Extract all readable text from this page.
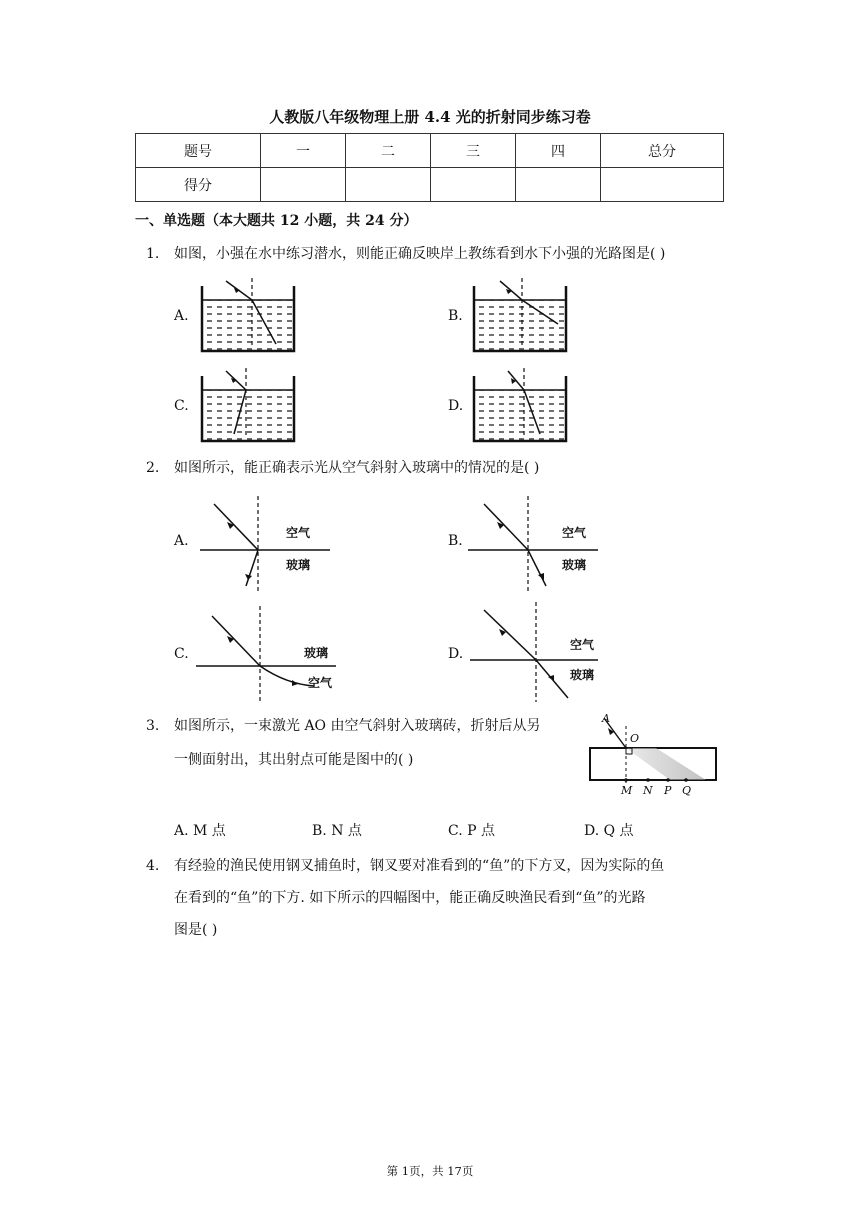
人教版八年级物理上册 4.4 光的折射同步练习卷
题号	一	二	三	四	总分
得分					
一、单选题（本大题共 12 小题，共 24 分）
1. 如图，小强在水中练习潜水，则能正确反映岸上教练看到水下小强的光路图是( )
A.	B.
C.	D.
2. 如图所示，能正确表示光从空气斜射入玻璃中的情况的是( )
A.	B.
C.	D.
空气
玻璃
空气
玻璃
玻璃
空气
空气
玻璃
3. 如图所示，一束激光 AO 由空气斜射入玻璃砖，折射后从另
一侧面射出，其出射点可能是图中的( )
A
O
M N P Q
A. M 点	B. N 点	C. P 点	D. Q 点
4. 有经验的渔民使用钢叉捕鱼时，钢叉要对准看到的“鱼”的下方叉，因为实际的鱼
在看到的“鱼”的下方. 如下所示的四幅图中，能正确反映渔民看到“鱼”的光路
图是( )
第 1页，共 17页
